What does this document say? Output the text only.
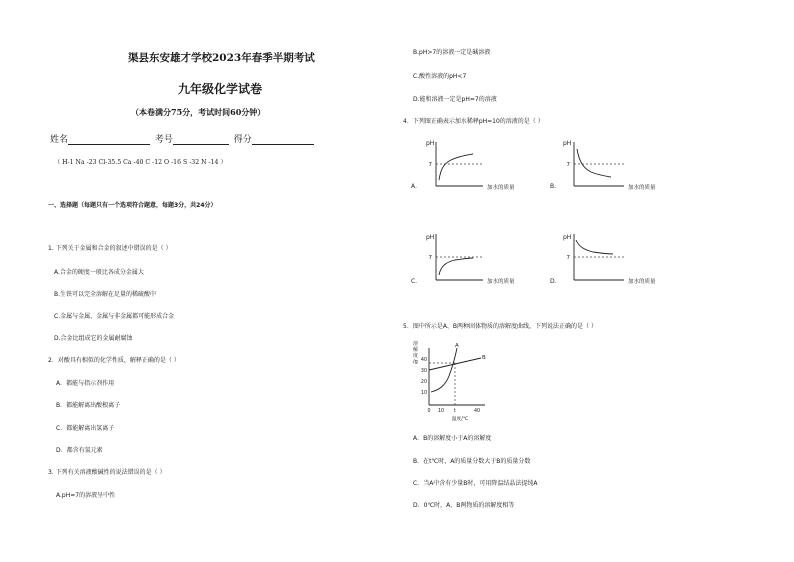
渠县东安雄才学校2023年春季半期考试
九年级化学试卷
（本卷满分75分，考试时间60分钟）
姓名	考号	得分
（ H-1 Na -23 Cl-35.5 Ca -40 C -12 O -16 S -32 N -14 ）
一、选择题（每题只有一个选项符合题意，每题3分，共24分）
1. 下列关于金属和合金的叙述中错误的是（ ）
A.合金的硬度一般比各成分金属大
B.生铁可以完全溶解在足量的稀硫酸中
C.金属与金属、金属与非金属都可能形成合金
D.合金比组成它的金属耐腐蚀
2．对酸具有相似的化学性质，解释正确的是（ ）
A．都能与指示剂作用
B．都能解离出酸根离子
C．都能解离出氢离子
D．都含有氢元素
3. 下列有关溶液酸碱性的说法错误的是（ ）
A.pH=7的溶液呈中性
B.pH>7的溶液一定是碱溶液
C.酸性溶液的pH<7
D.能和溶液一定是pH=7的溶液
4．下列图正确表示加水稀释pH=10的溶液的是（ ）
A．
pH
7
加水的质量	B．
pH
7
加水的质量
C．
pH
7
加水的质量	D．
pH
7
加水的质量
5．图中所示是A、B两种固体物质的溶解度曲线，下列说法正确的是（ ）
溶
解
度
/g 40
30
20
10
0 10 t	40
温度/℃
A
B
A．B的溶解度小于A的溶解度
B．在t℃时，A的质量分数大于B的质量分数
C．当A中含有少量B时，可用降温结晶法提纯A
D．0℃时，A、B两物质的溶解度相等
